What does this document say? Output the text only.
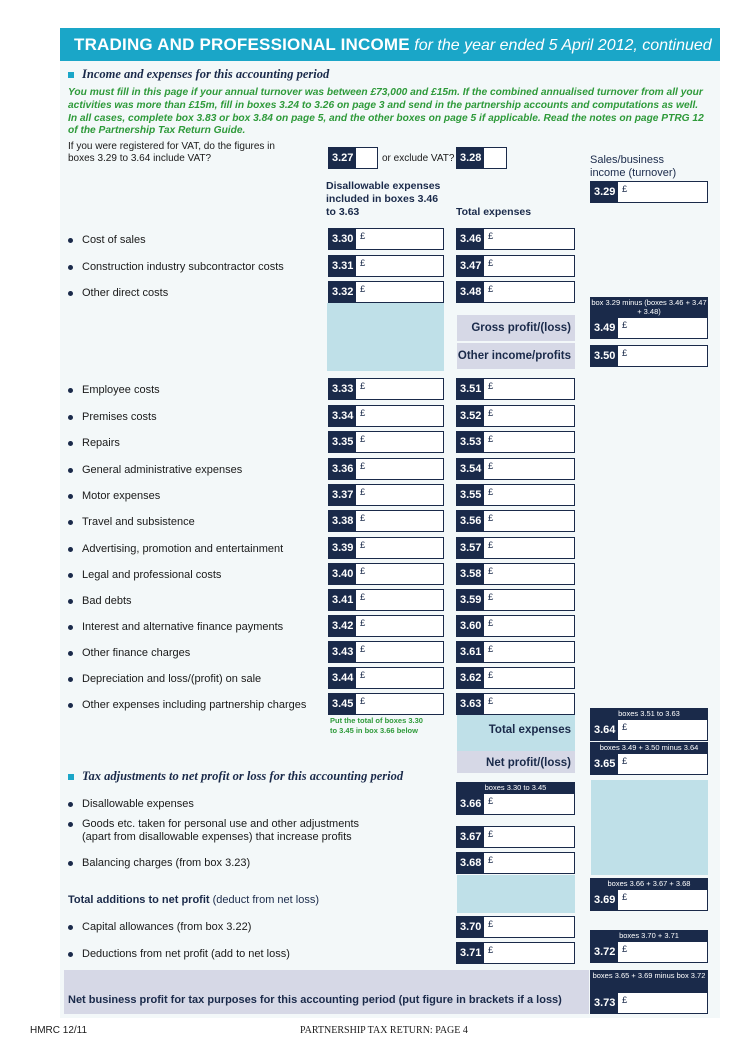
TRADING AND PROFESSIONAL INCOME for the year ended 5 April 2012, continued
Income and expenses for this accounting period
You must fill in this page if your annual turnover was between £73,000 and £15m. If the combined annualised turnover from all your activities was more than £15m, fill in boxes 3.24 to 3.26 on page 3 and send in the partnership accounts and computations as well. In all cases, complete box 3.83 or box 3.84 on page 5, and the other boxes on page 5 if applicable. Read the notes on page PTRG 12 of the Partnership Tax Return Guide.
If you were registered for VAT, do the figures in boxes 3.29 to 3.64 include VAT?	3.27	or exclude VAT? 3.28
Disallowable expenses included in boxes 3.46 to 3.63	Total expenses
Sales/business income (turnover)
3.29 £
Cost of sales	3.30 £	3.46 £
Construction industry subcontractor costs	3.31 £	3.47 £
Other direct costs	3.32 £	3.48 £
box 3.29 minus (boxes 3.46 + 3.47 + 3.48)
Gross profit/(loss)	3.49 £
Other income/profits	3.50 £
Employee costs	3.33 £	3.51 £
Premises costs	3.34 £	3.52 £
Repairs	3.35 £	3.53 £
General administrative expenses	3.36 £	3.54 £
Motor expenses	3.37 £	3.55 £
Travel and subsistence	3.38 £	3.56 £
Advertising, promotion and entertainment	3.39 £	3.57 £
Legal and professional costs	3.40 £	3.58 £
Bad debts	3.41 £	3.59 £
Interest and alternative finance payments	3.42 £	3.60 £
Other finance charges	3.43 £	3.61 £
Depreciation and loss/(profit) on sale	3.44 £	3.62 £
Other expenses including partnership charges	3.45 £	3.63 £
Put the total of boxes 3.30
to 3.45 in box 3.66 below
boxes 3.51 to 3.63
Total expenses	3.64 £
boxes 3.49 + 3.50 minus 3.64
Net profit/(loss)	3.65 £
Tax adjustments to net profit or loss for this accounting period
Disallowable expenses
boxes 3.30 to 3.45
3.66 £
Goods etc. taken for personal use and other adjustments
(apart from disallowable expenses) that increase profits	3.67 £
Balancing charges (from box 3.23)	3.68 £
Total additions to net profit (deduct from net loss)
boxes 3.66 + 3.67 + 3.68
3.69 £
Capital allowances (from box 3.22)	3.70 £
Deductions from net profit (add to net loss)	3.71 £
boxes 3.70 + 3.71
3.72 £
Net business profit for tax purposes for this accounting period (put figure in brackets if a loss)
boxes 3.65 + 3.69 minus box 3.72
3.73 £
HMRC 12/11	PARTNERSHIP TAX RETURN: PAGE 4
